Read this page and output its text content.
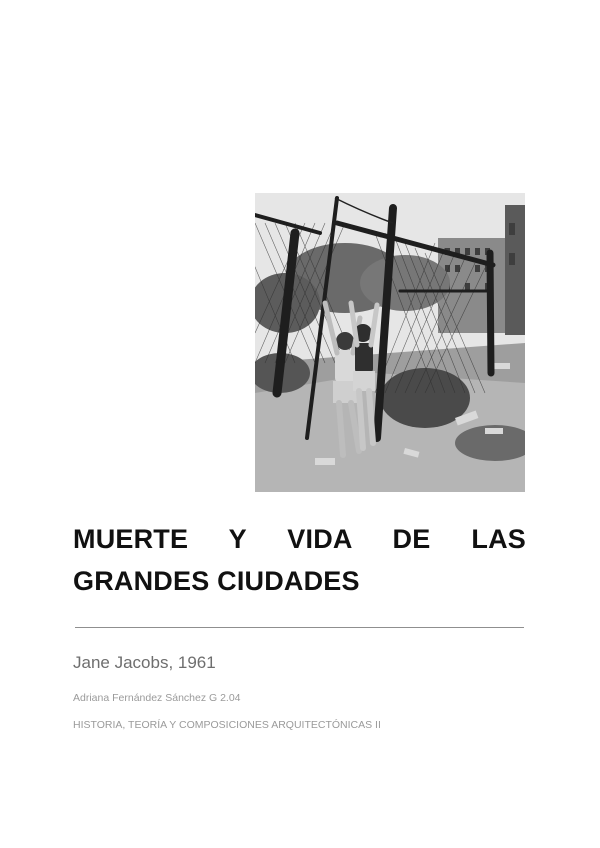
MUERTE Y VIDA DE LAS GRANDES CIUDADES

Jane Jacobs, 1961

Adriana Fernández Sánchez G 2.04

HISTORIA, TEORÍA Y COMPOSICIONES ARQUITECTÓNICAS II
